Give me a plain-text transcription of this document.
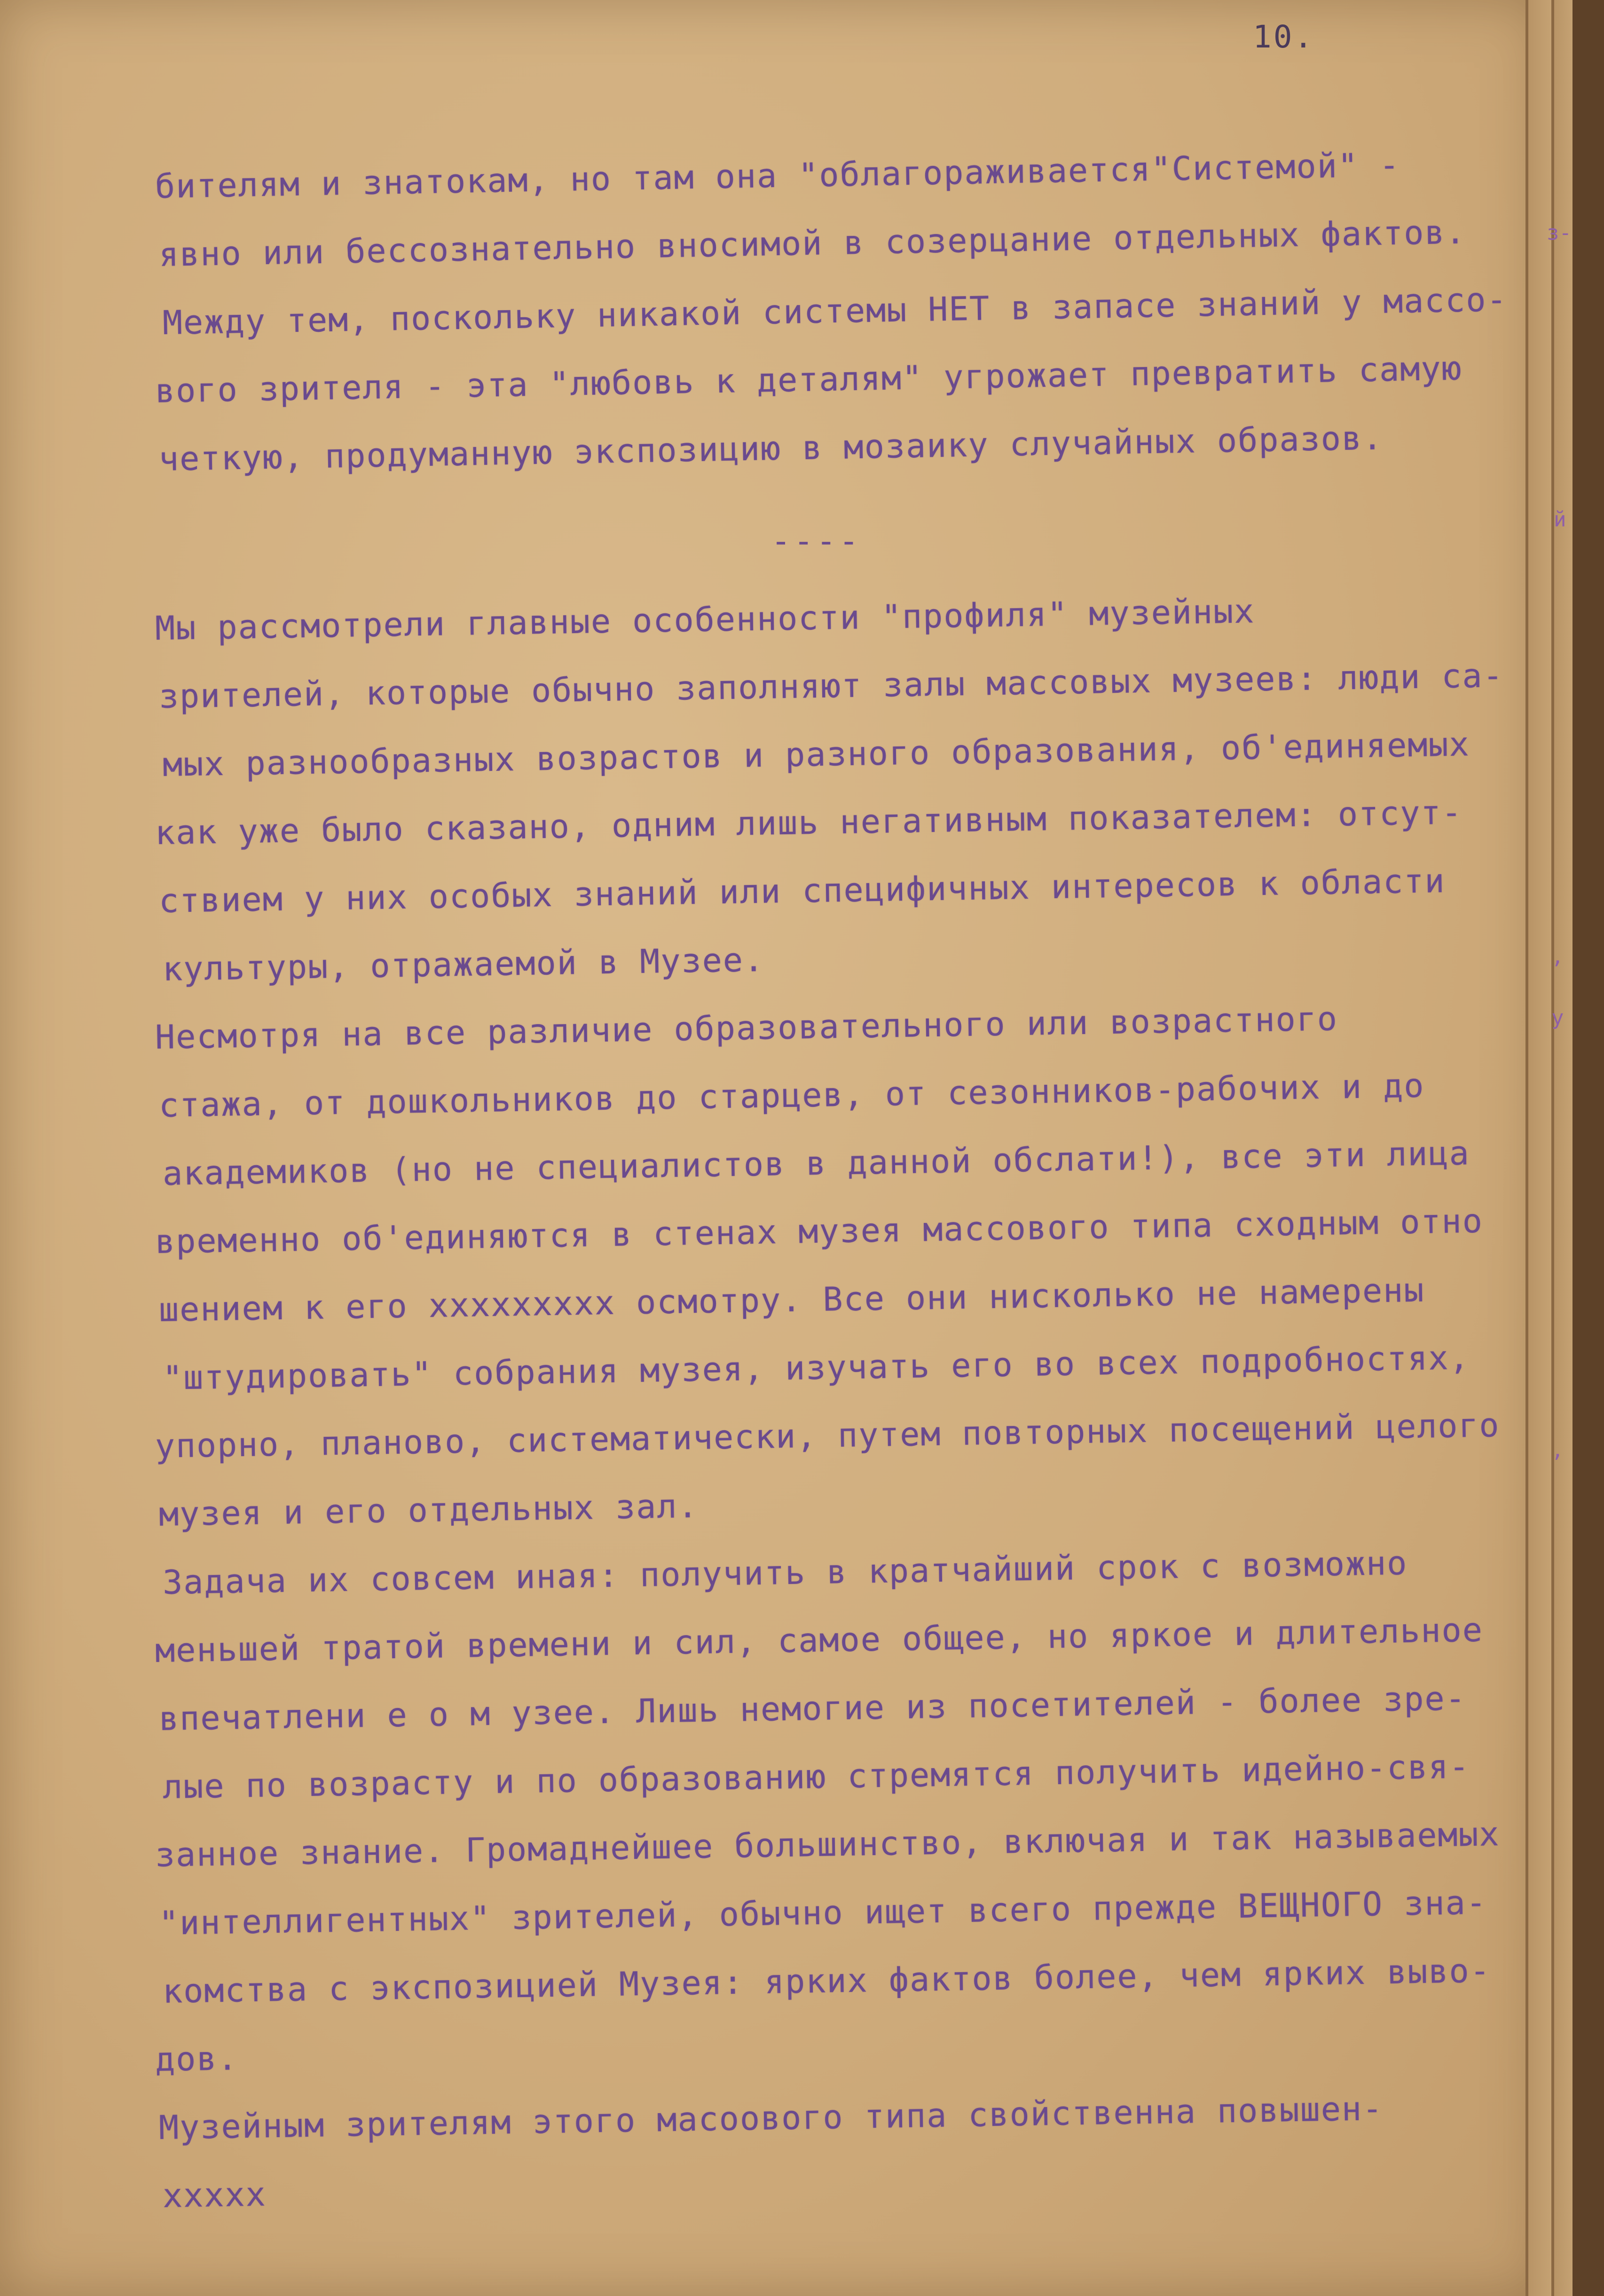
з-
й
,
у
,
10.
бителям и знатокам, но там она "облагораживается"Системой" -
явно или бессознательно вносимой в созерцание отдельных фактов.
Между тем, поскольку никакой системы НЕТ в запасе знаний у массо-
вого зрителя - эта "любовь к деталям" угрожает превратить самую
четкую, продуманную экспозицию в мозаику случайных образов.
----
Мы рассмотрели главные особенности "профиля" музейных
зрителей, которые обычно заполняют залы массовых музеев: люди са-
мых разнообразных возрастов и разного образования, об'единяемых
как уже было сказано, одним лишь негативным показателем: отсут-
ствием у них особых знаний или специфичных интересов к области
культуры, отражаемой в Музее.
Несмотря на все различие образовательного или возрастного
стажа, от дошкольников до старцев, от сезонников-рабочих и до
академиков (но не специалистов в данной обслати!), все эти лица
временно об'единяются в стенах музея массового типа сходным отно
шением к его xxxxxxxxx осмотру. Все они нисколько не намерены
"штудировать" собрания музея, изучать его во всех подробностях,
упорно, планово, систематически, путем повторных посещений целого
музея и его отдельных зал.
Задача их совсем иная: получить в кратчайший срок с возможно
меньшей тратой времени и сил, самое общее, но яркое и длительное
впечатлени е о м узее. Лишь немогие из посетителей - более зре-
лые по возрасту и по образованию стремятся получить идейно-свя-
занное знание. Громаднейшее большинство, включая и так называемых
"интеллигентных" зрителей, обычно ищет всего прежде ВЕЩНОГО зна-
комства с экспозицией Музея: ярких фактов более, чем ярких выво-
дов.
Музейным зрителям этого масоового типа свойственна повышен-
xxxxx
